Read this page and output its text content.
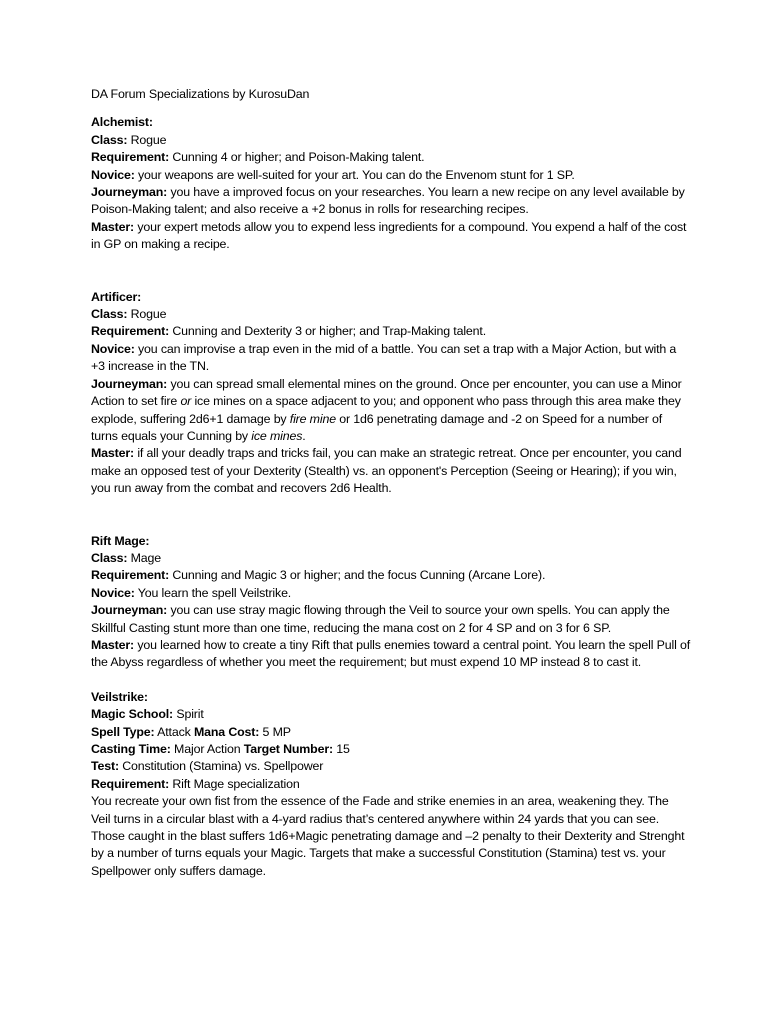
DA Forum Specializations by KurosuDan

Alchemist:

Class: Rogue

Requirement: Cunning 4 or higher; and Poison-Making talent.

Novice: your weapons are well-suited for your art. You can do the Envenom stunt for 1 SP.

Journeyman: you have a improved focus on your researches. You learn a new recipe on any level available by Poison-Making talent; and also receive a +2 bonus in rolls for researching recipes.

Master: your expert metods allow you to expend less ingredients for a compound. You expend a half of the cost in GP on making a recipe.

Artificer:

Class: Rogue

Requirement: Cunning and Dexterity 3 or higher; and Trap-Making talent.

Novice: you can improvise a trap even in the mid of a battle. You can set a trap with a Major Action, but with a +3 increase in the TN.

Journeyman: you can spread small elemental mines on the ground. Once per encounter, you can use a Minor Action to set fire or ice mines on a space adjacent to you; and opponent who pass through this area make they explode, suffering 2d6+1 damage by fire mine or 1d6 penetrating damage and -2 on Speed for a number of turns equals your Cunning by ice mines.

Master: if all your deadly traps and tricks fail, you can make an strategic retreat. Once per encounter, you cand make an opposed test of your Dexterity (Stealth) vs. an opponent's Perception (Seeing or Hearing); if you win, you run away from the combat and recovers 2d6 Health.

Rift Mage:

Class: Mage

Requirement: Cunning and Magic 3 or higher; and the focus Cunning (Arcane Lore).

Novice: You learn the spell Veilstrike.

Journeyman: you can use stray magic flowing through the Veil to source your own spells. You can apply the Skillful Casting stunt more than one time, reducing the mana cost on 2 for 4 SP and on 3 for 6 SP.

Master: you learned how to create a tiny Rift that pulls enemies toward a central point. You learn the spell Pull of the Abyss regardless of whether you meet the requirement; but must expend 10 MP instead 8 to cast it.

Veilstrike:

Magic School: Spirit

Spell Type: Attack Mana Cost: 5 MP

Casting Time: Major Action Target Number: 15

Test: Constitution (Stamina) vs. Spellpower

Requirement: Rift Mage specialization

You recreate your own fist from the essence of the Fade and strike enemies in an area, weakening they. The Veil turns in a circular blast with a 4-yard radius that’s centered anywhere within 24 yards that you can see. Those caught in the blast suffers 1d6+Magic penetrating damage and –2 penalty to their Dexterity and Strenght by a number of turns equals your Magic. Targets that make a successful Constitution (Stamina) test vs. your Spellpower only suffers damage.
